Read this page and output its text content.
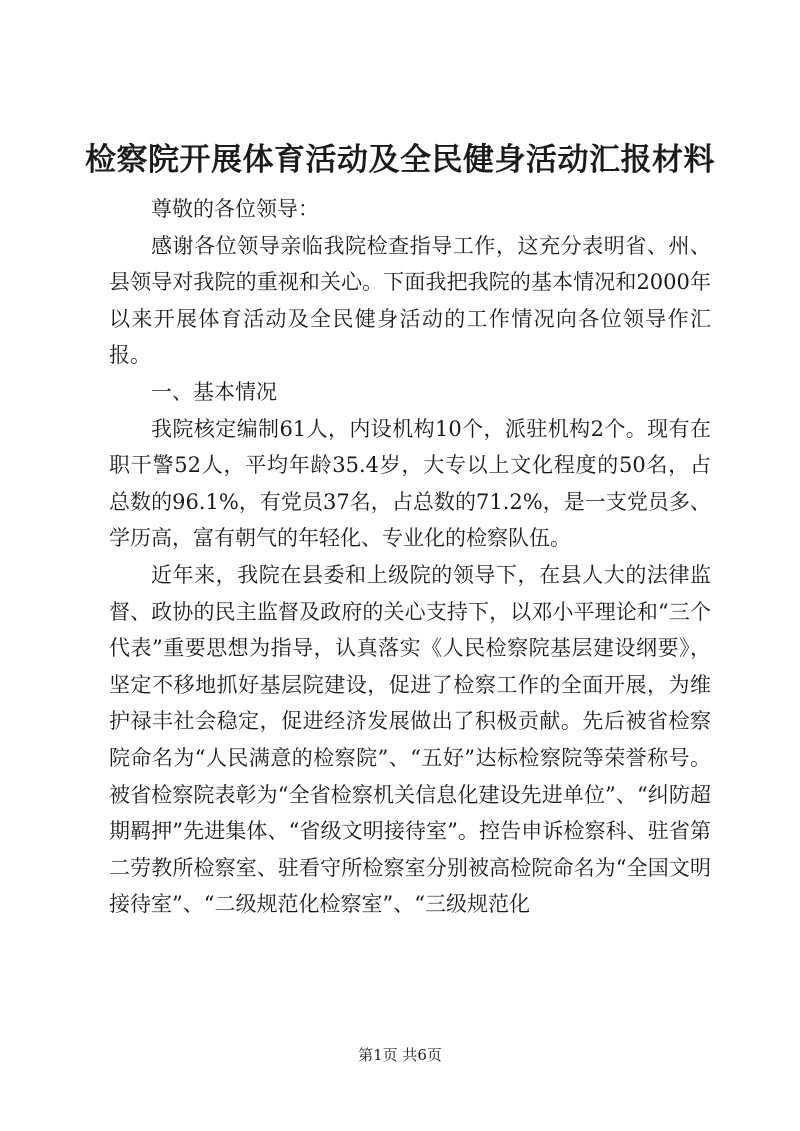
检察院开展体育活动及全民健身活动汇报材料

尊敬的各位领导：

感谢各位领导亲临我院检查指导工作，这充分表明省、州、县领导对我院的重视和关心。下面我把我院的基本情况和2000年以来开展体育活动及全民健身活动的工作情况向各位领导作汇报。

一、基本情况

我院核定编制61人，内设机构10个，派驻机构2个。现有在职干警52人，平均年龄35.4岁，大专以上文化程度的50名，占总数的96.1%，有党员37名，占总数的71.2%，是一支党员多、学历高，富有朝气的年轻化、专业化的检察队伍。

近年来，我院在县委和上级院的领导下，在县人大的法律监督、政协的民主监督及政府的关心支持下，以邓小平理论和“三个代表”重要思想为指导，认真落实《人民检察院基层建设纲要》，坚定不移地抓好基层院建设，促进了检察工作的全面开展，为维护禄丰社会稳定，促进经济发展做出了积极贡献。先后被省检察院命名为“人民满意的检察院”、“五好”达标检察院等荣誉称号。被省检察院表彰为“全省检察机关信息化建设先进单位”、“纠防超期羁押”先进集体、“省级文明接待室”。控告申诉检察科、驻省第二劳教所检察室、驻看守所检察室分别被高检院命名为“全国文明接待室”、“二级规范化检察室”、“三级规范化

第1页 共6页
